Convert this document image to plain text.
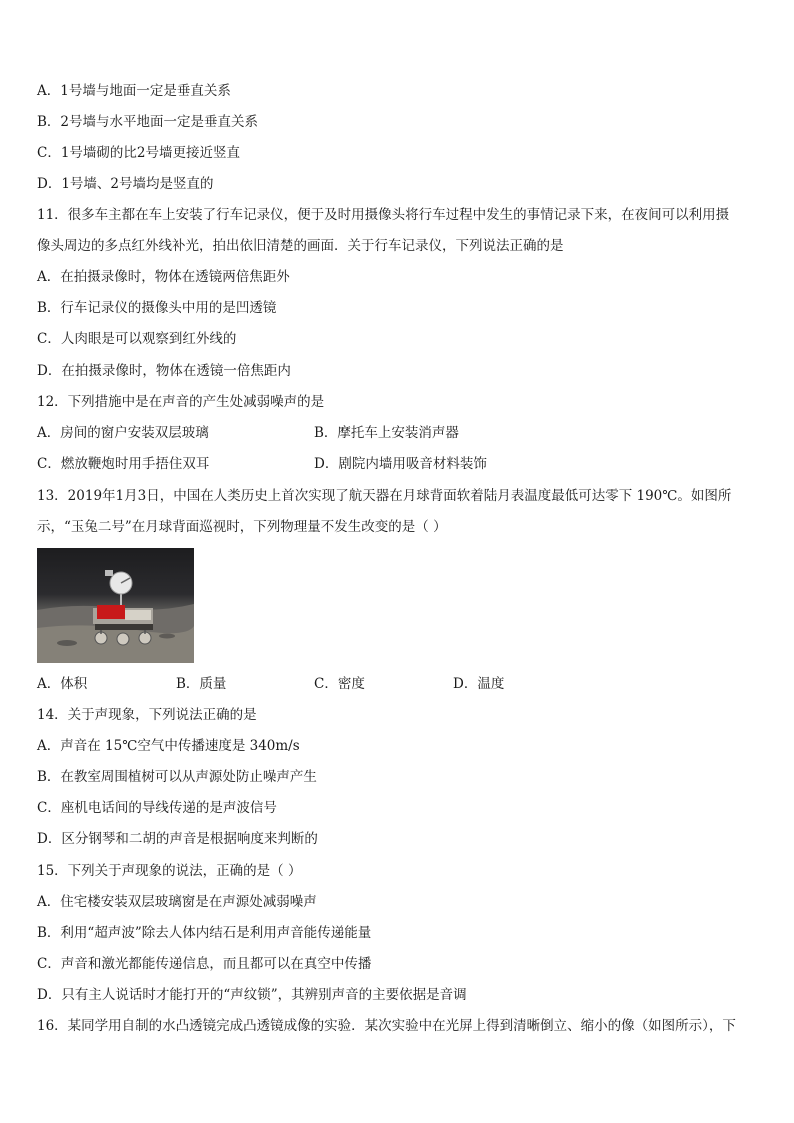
A．1号墙与地面一定是垂直关系
B．2号墙与水平地面一定是垂直关系
C．1号墙砌的比2号墙更接近竖直
D．1号墙、2号墙均是竖直的
11．很多车主都在车上安装了行车记录仪，便于及时用摄像头将行车过程中发生的事情记录下来，在夜间可以利用摄
像头周边的多点红外线补光，拍出依旧清楚的画面．关于行车记录仪，下列说法正确的是
A．在拍摄录像时，物体在透镜两倍焦距外
B．行车记录仪的摄像头中用的是凹透镜
C．人肉眼是可以观察到红外线的
D．在拍摄录像时，物体在透镜一倍焦距内
12．下列措施中是在声音的产生处减弱噪声的是
A．房间的窗户安装双层玻璃	B．摩托车上安装消声器
C．燃放鞭炮时用手捂住双耳	D．剧院内墙用吸音材料装饰
13．2019年1月3日，中国在人类历史上首次实现了航天器在月球背面软着陆月表温度最低可达零下 190℃。如图所
示，“玉兔二号”在月球背面巡视时，下列物理量不发生改变的是（ ）
A．体积	B．质量	C．密度	D．温度
14．关于声现象，下列说法正确的是
A．声音在 15℃空气中传播速度是 340m/s
B．在教室周围植树可以从声源处防止噪声产生
C．座机电话间的导线传递的是声波信号
D．区分钢琴和二胡的声音是根据响度来判断的
15．下列关于声现象的说法，正确的是（ ）
A．住宅楼安装双层玻璃窗是在声源处减弱噪声
B．利用“超声波”除去人体内结石是利用声音能传递能量
C．声音和激光都能传递信息，而且都可以在真空中传播
D．只有主人说话时才能打开的“声纹锁”，其辨别声音的主要依据是音调
16．某同学用自制的水凸透镜完成凸透镜成像的实验．某次实验中在光屏上得到清晰倒立、缩小的像（如图所示），下
